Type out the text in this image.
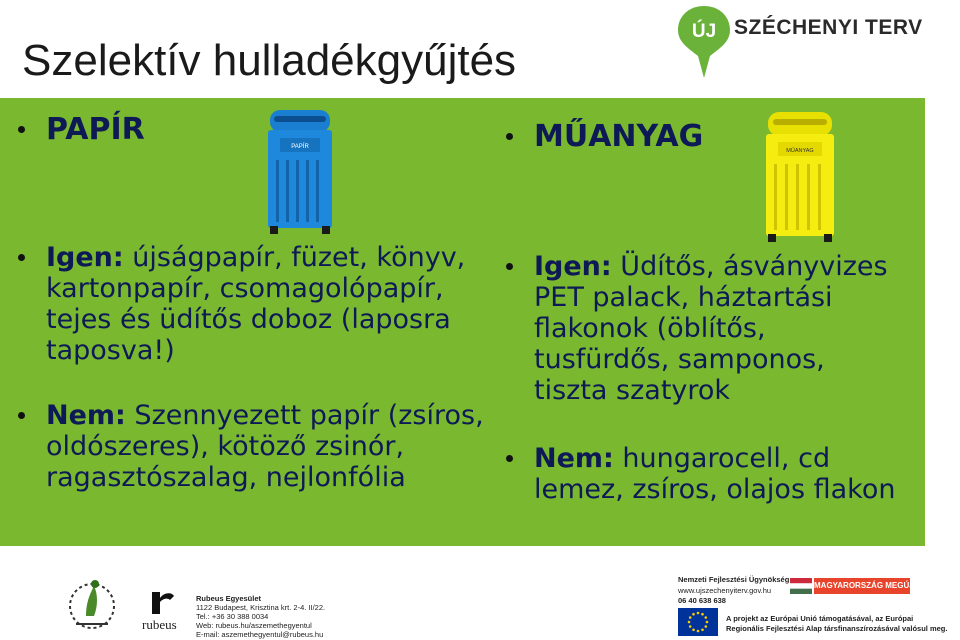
Szelektív hulladékgyűjtés
ÚJ SZÉCHENYI TERV
PAPÍR	PAPÍR
Igen: újságpapír, füzet, könyv, kartonpapír, csomagolópapír, tejes és üdítős doboz (laposra taposva!)
Nem: Szennyezett papír (zsíros, oldószeres), kötöző zsinór, ragasztószalag, nejlonfólia
MŰANYAG	MŰANYAG
Igen: Üdítős, ásványvizes PET palack, háztartási flakonok (öblítős, tusfürdős, samponos, tiszta szatyrok
Nem: hungarocell, cd lemez, zsíros, olajos flakon
rubeus
Rubeus Egyesület
1122 Budapest, Krisztina krt. 2-4. II/22.
Tel.: +36 30 388 0034
Web: rubeus.hu/aszemethegyentul
E-mail: aszemethegyentul@rubeus.hu
Nemzeti Fejlesztési Ügynökség
www.ujszechenyiterv.gov.hu
06 40 638 638
MAGYARORSZÁG MEGÚJUL
A projekt az Európai Unió támogatásával, az Európai
Regionális Fejlesztési Alap társfinanszírozásával valósul meg.
